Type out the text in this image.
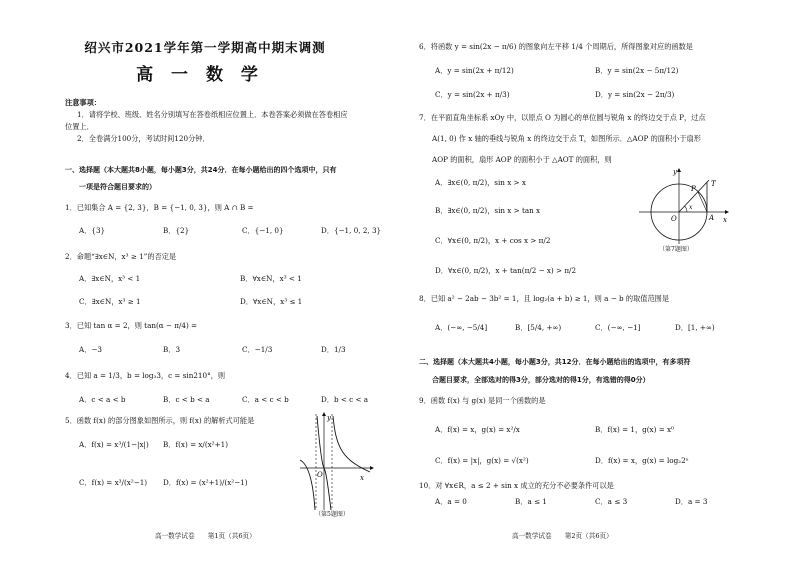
绍兴市2021学年第一学期高中期末调测
高 一 数 学
注意事项：
1．请将学校、班级、姓名分别填写在答卷纸相应位置上．本卷答案必须做在答卷相应
位置上．
2．全卷满分100分，考试时间120分钟．
一、选择题（本大题共8小题，每小题3分，共24分．在每小题给出的四个选项中，只有
一项是符合题目要求的）
1．已知集合 A = {2, 3}，B = {−1, 0, 3}，则 A ∩ B =
A．{3}	B．{2}	C．{−1, 0}	D．{−1, 0, 2, 3}
2．命题“∃x∈N，x³ ≥ 1”的否定是
A．∃x∈N，x³ < 1	B．∀x∈N，x³ < 1
C．∃x∈N，x³ ≥ 1	D．∀x∈N，x³ ≤ 1
3．已知 tan α = 2，则 tan(α − π/4) =
A．−3	B．3	C．−1/3	D．1/3
4．已知 a = 1/3，b = log₃3，c = sin210°，则
A．c < a < b	B．c < b < a	C．a < c < b	D．b < c < a
5．函数 f(x) 的部分图象如图所示，则 f(x) 的解析式可能是
A．f(x) = x³/(1−|x|) B．f(x) = x/(x²+1)
C．f(x) = x³/(x²−1) D．f(x) = (x²+1)/(x²−1)	x
y
O
（第5题图）
高一数学试卷　　第1页（共6页）
6．将函数 y = sin(2x − π/6) 的图象向左平移 1/4 个周期后，所得图象对应的函数是
A．y = sin(2x + π/12)	B．y = sin(2x − 5π/12)
C．y = sin(2x + π/3)	D．y = sin(2x − 2π/3)
7．在平面直角坐标系 xOy 中，以原点 O 为圆心的单位圆与锐角 x 的终边交于点 P，过点
A(1, 0) 作 x 轴的垂线与锐角 x 的终边交于点 T，如图所示．△AOP 的面积小于扇形
AOP 的面积，扇形 AOP 的面积小于 △AOT 的面积，则
A．∃x∈(0, π/2)，sin x > x
B．∃x∈(0, π/2)，sin x > tan x
C．∀x∈(0, π/2)，x + cos x > π/2
D．∀x∈(0, π/2)，x + tan(π/2 − x) > π/2
y
x
O
P
T
A
x
（第7题图）
8．已知 a² − 2ab − 3b² = 1，且 log₂(a + b) ≥ 1，则 a − b 的取值范围是
A．(−∞, −5/4]	B．[5/4, +∞)	C．(−∞, −1]	D．[1, +∞)
二、选择题（本大题共4小题，每小题3分，共12分．在每小题给出的选项中，有多项符
合题目要求，全部选对的得3分，部分选对的得1分，有选错的得0分）
9．函数 f(x) 与 g(x) 是同一个函数的是
A．f(x) = x，g(x) = x²/x	B．f(x) = 1，g(x) = x⁰
C．f(x) = |x|，g(x) = √(x²)	D．f(x) = x，g(x) = log₂2ˣ
10．对 ∀x∈R，a ≤ 2 + sin x 成立的充分不必要条件可以是
A．a = 0	B．a ≤ 1	C．a ≤ 3	D．a = 3
高一数学试卷　　第2页（共6页）
